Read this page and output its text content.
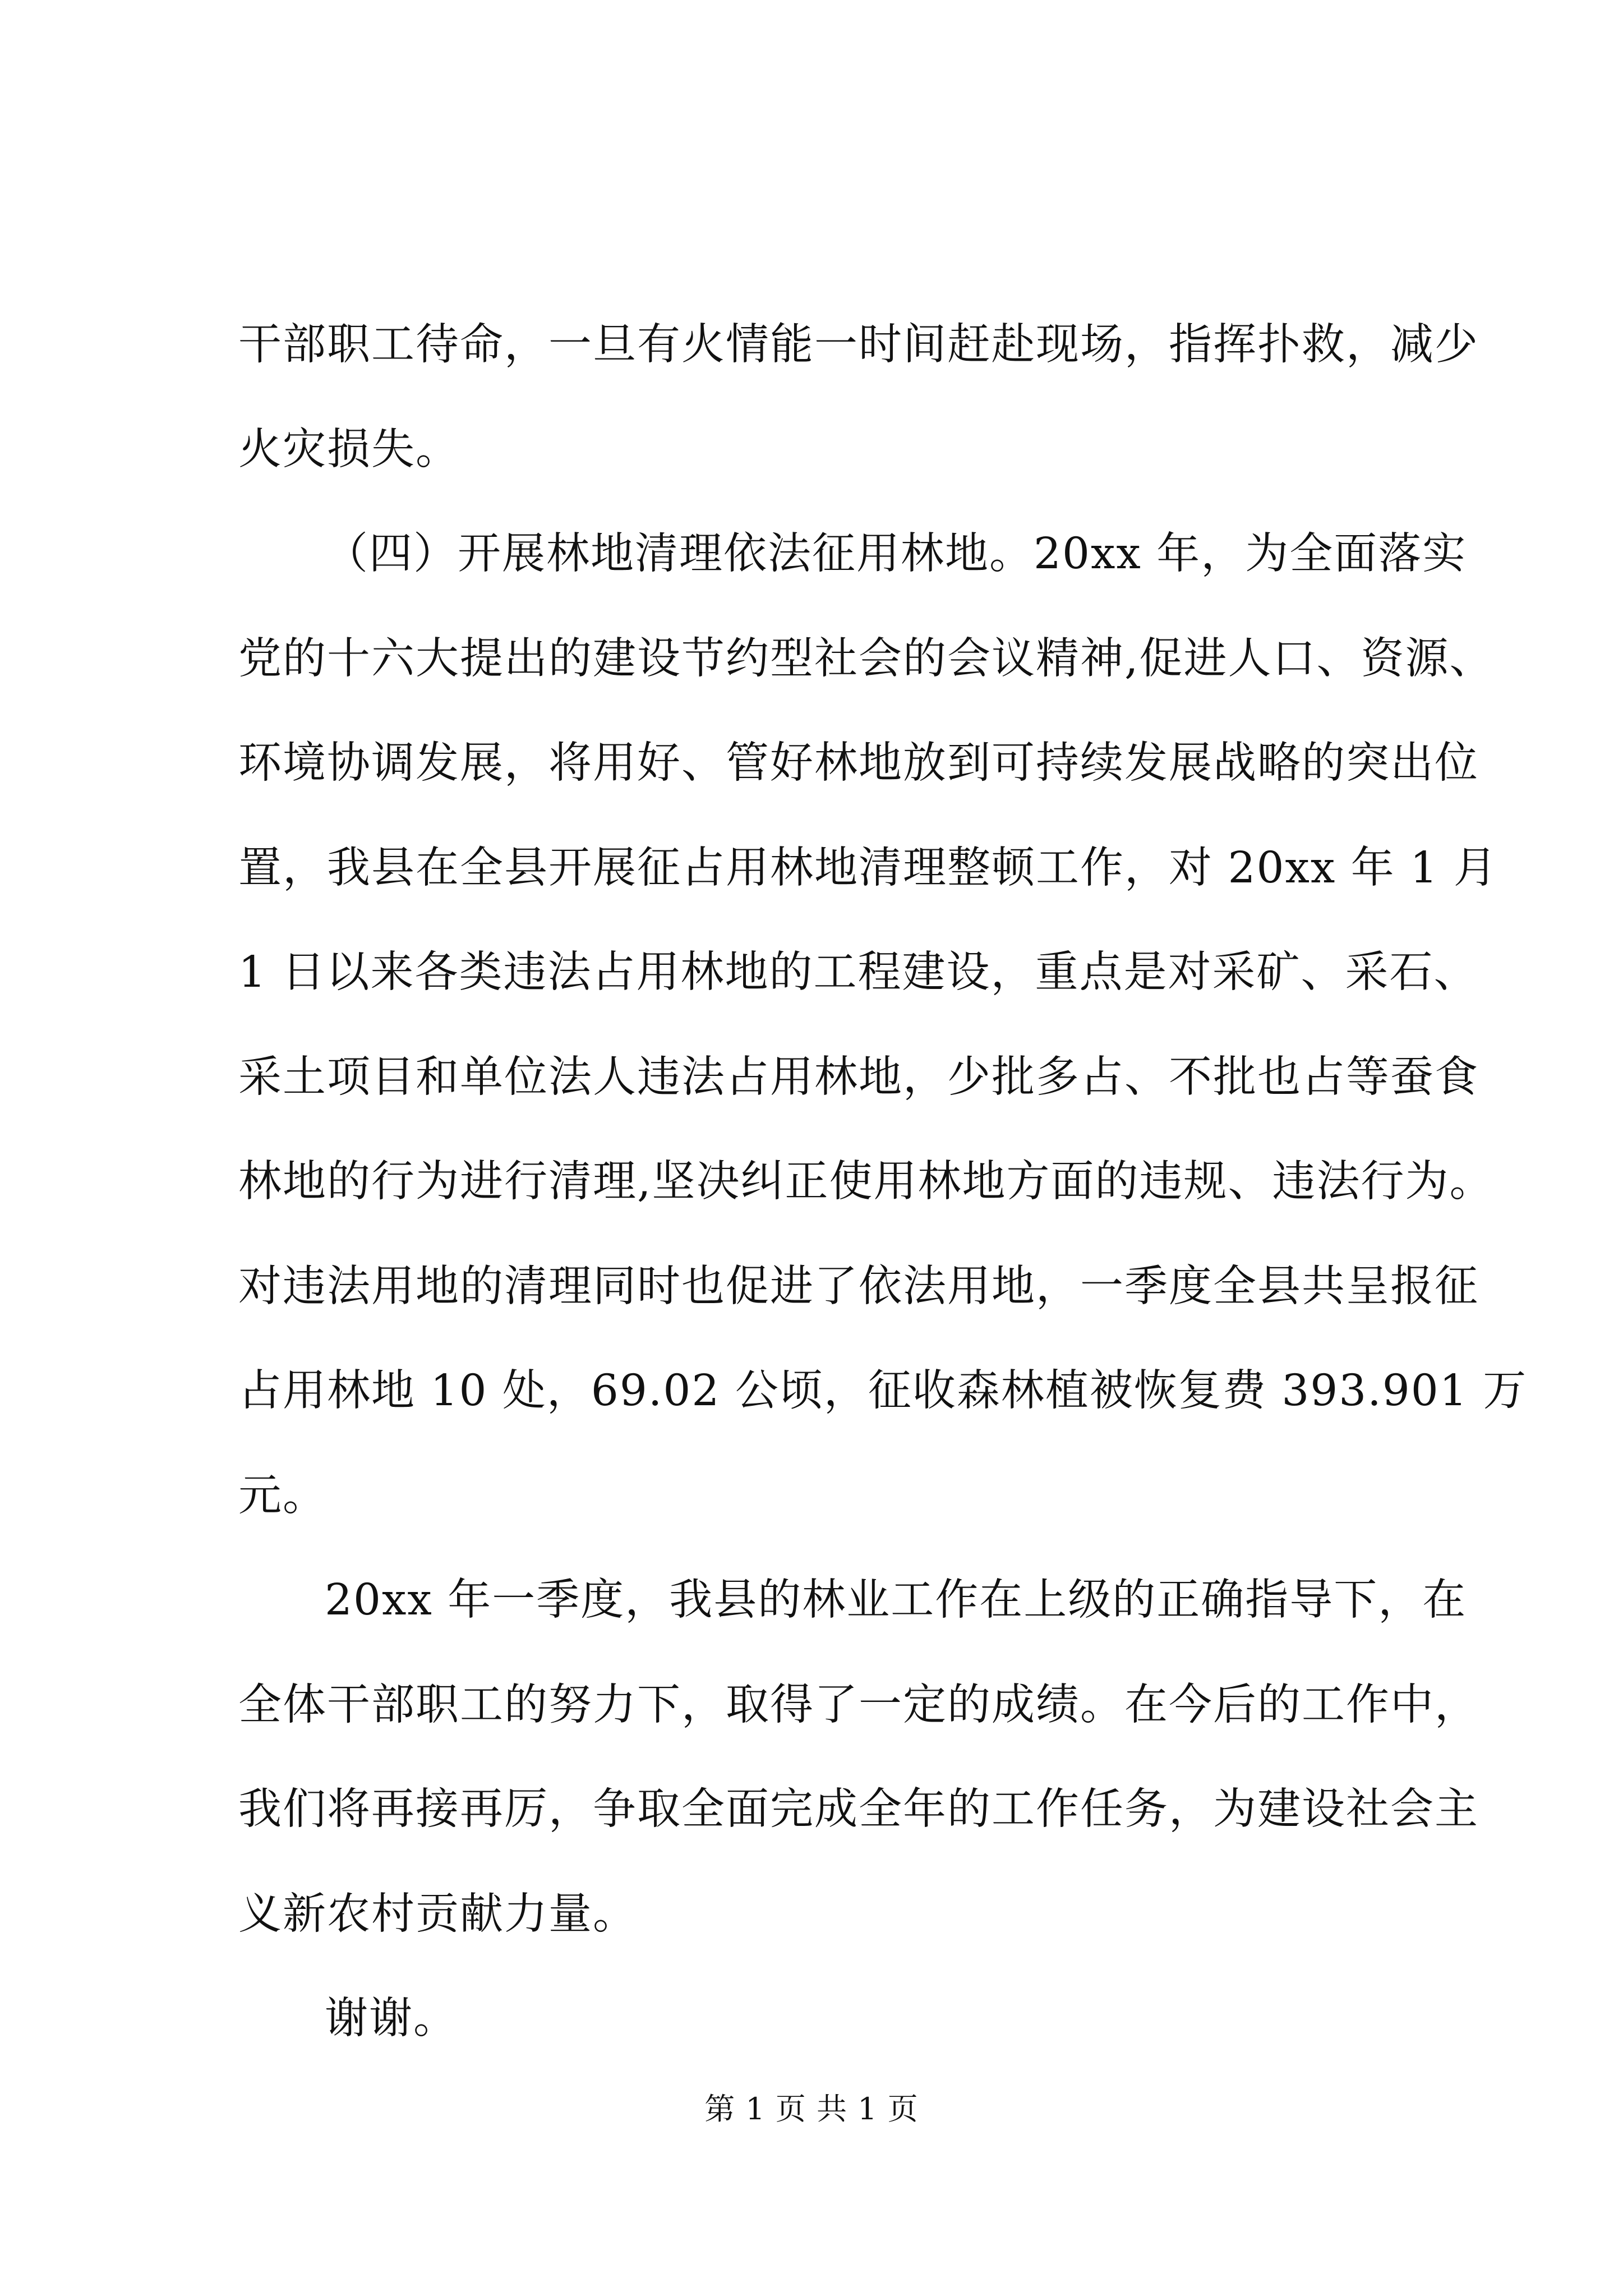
干部职工待命，一旦有火情能一时间赶赴现场，指挥扑救，减少
火灾损失。
（四）开展林地清理依法征用林地。20xx 年，为全面落实
党的十六大提出的建设节约型社会的会议精神,促进人口、资源、
环境协调发展，将用好、管好林地放到可持续发展战略的突出位
置，我县在全县开展征占用林地清理整顿工作，对 20xx 年 1 月
1 日以来各类违法占用林地的工程建设，重点是对采矿、采石、
采土项目和单位法人违法占用林地，少批多占、不批也占等蚕食
林地的行为进行清理,坚决纠正使用林地方面的违规、违法行为。
对违法用地的清理同时也促进了依法用地，一季度全县共呈报征
占用林地 10 处，69.02 公顷，征收森林植被恢复费 393.901 万
元。
20xx 年一季度，我县的林业工作在上级的正确指导下，在
全体干部职工的努力下，取得了一定的成绩。在今后的工作中，
我们将再接再厉，争取全面完成全年的工作任务，为建设社会主
义新农村贡献力量。
谢谢。
第 1 页 共 1 页
